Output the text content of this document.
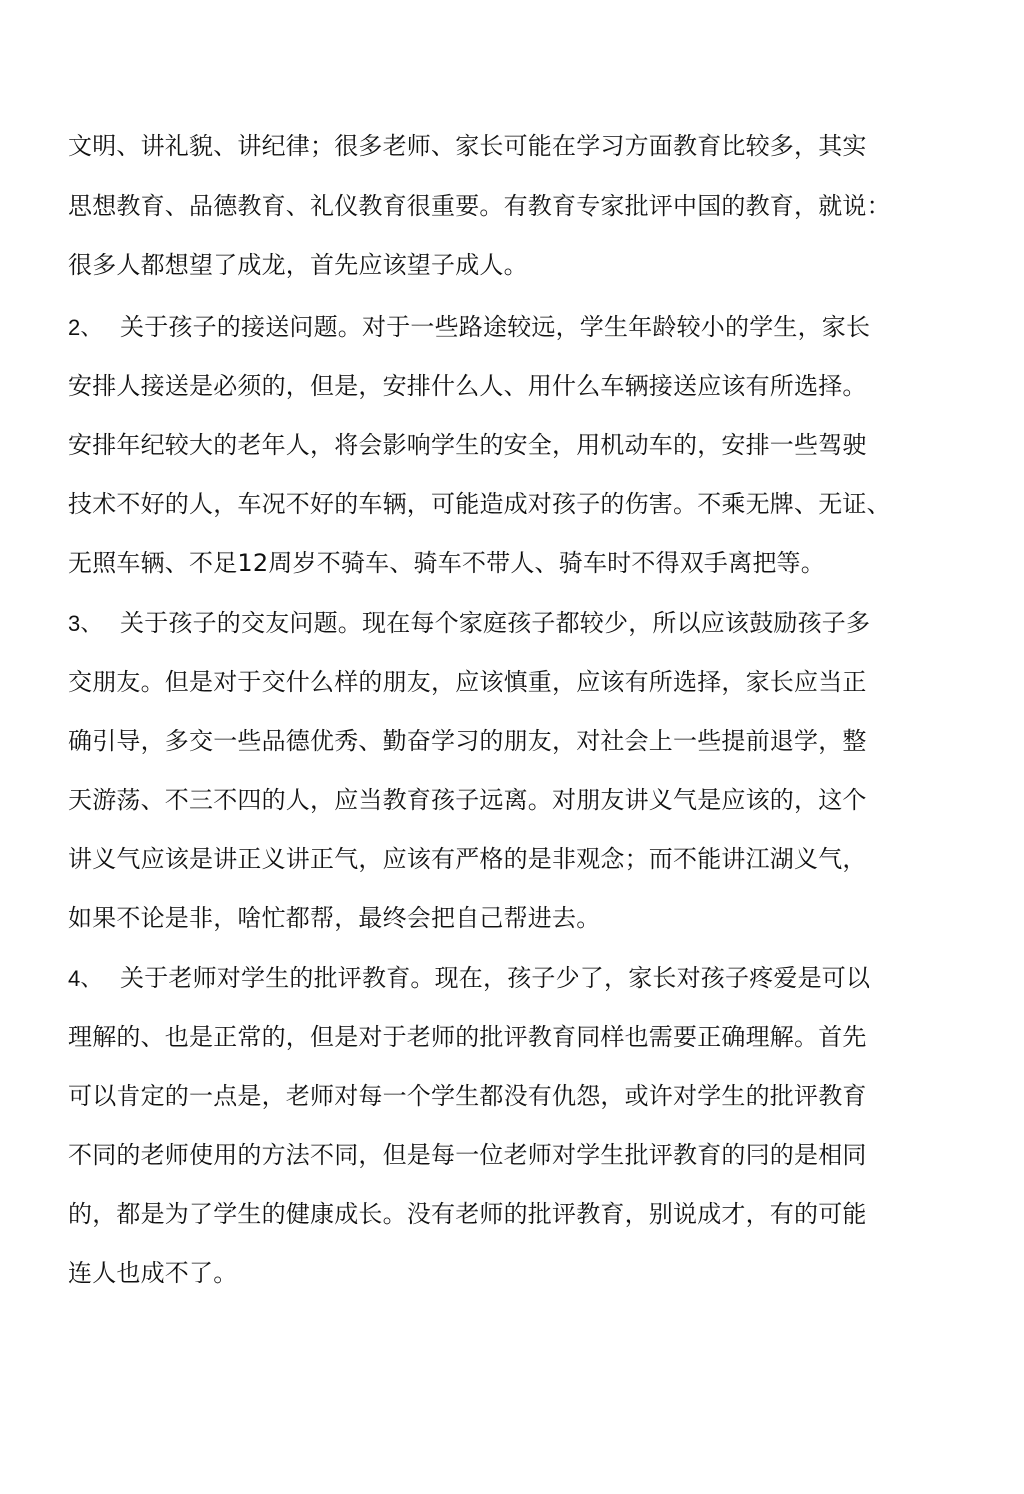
文明、讲礼貌、讲纪律；很多老师、家长可能在学习方面教育比较多，其实
思想教育、品德教育、礼仪教育很重要。有教育专家批评中国的教育，就说：
很多人都想望了成龙，首先应该望子成人。
2、 关于孩子的接送问题。对于一些路途较远，学生年龄较小的学生，家长
安排人接送是必须的，但是，安排什么人、用什么车辆接送应该有所选择。
安排年纪较大的老年人，将会影响学生的安全，用机动车的，安排一些驾驶
技术不好的人，车况不好的车辆，可能造成对孩子的伤害。不乘无牌、无证、
无照车辆、不足12周岁不骑车、骑车不带人、骑车时不得双手离把等。
3、 关于孩子的交友问题。现在每个家庭孩子都较少，所以应该鼓励孩子多
交朋友。但是对于交什么样的朋友，应该慎重，应该有所选择，家长应当正
确引导，多交一些品德优秀、勤奋学习的朋友，对社会上一些提前退学，整
天游荡、不三不四的人，应当教育孩子远离。对朋友讲义气是应该的，这个
讲义气应该是讲正义讲正气，应该有严格的是非观念；而不能讲江湖义气，
如果不论是非，啥忙都帮，最终会把自己帮进去。
4、 关于老师对学生的批评教育。现在，孩子少了，家长对孩子疼爱是可以
理解的、也是正常的，但是对于老师的批评教育同样也需要正确理解。首先
可以肯定的一点是，老师对每一个学生都没有仇怨，或许对学生的批评教育
不同的老师使用的方法不同，但是每一位老师对学生批评教育的冃的是相同
的，都是为了学生的健康成长。没有老师的批评教育，别说成才，有的可能
连人也成不了。
